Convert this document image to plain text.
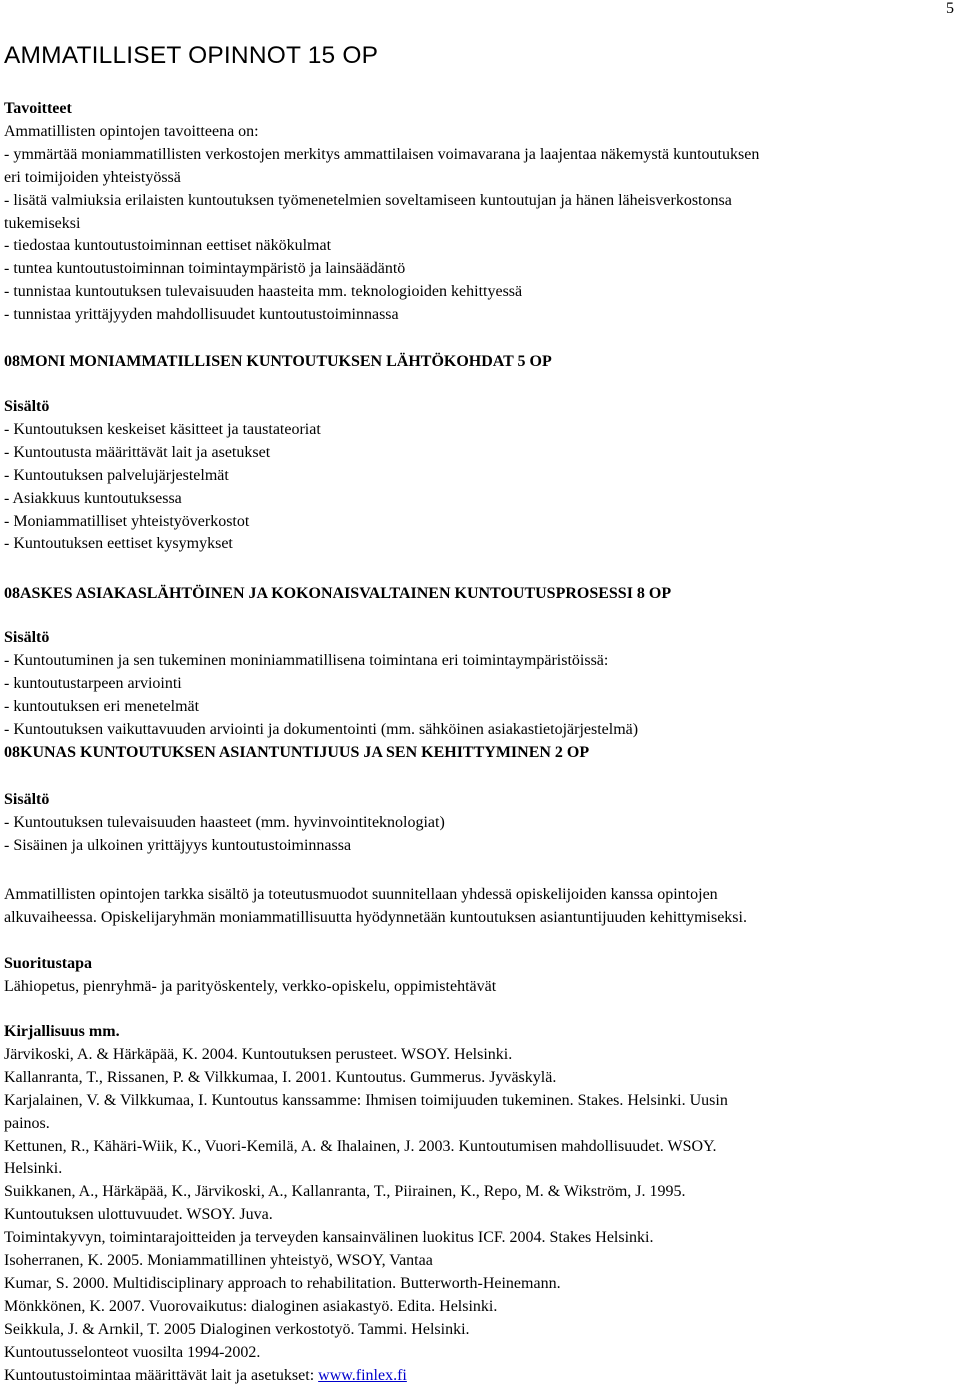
5
AMMATILLISET OPINNOT 15 OP
Tavoitteet
Ammatillisten opintojen tavoitteena on:
- ymmärtää moniammatillisten verkostojen merkitys ammattilaisen voimavarana ja laajentaa näkemystä kuntoutuksen
eri toimijoiden yhteistyössä
- lisätä valmiuksia erilaisten kuntoutuksen työmenetelmien soveltamiseen kuntoutujan ja hänen läheisverkostonsa
tukemiseksi
- tiedostaa kuntoutustoiminnan eettiset näkökulmat
- tuntea kuntoutustoiminnan toimintaympäristö ja lainsäädäntö
- tunnistaa kuntoutuksen tulevaisuuden haasteita mm. teknologioiden kehittyessä
- tunnistaa yrittäjyyden mahdollisuudet kuntoutustoiminnassa
08MONI MONIAMMATILLISEN KUNTOUTUKSEN LÄHTÖKOHDAT 5 OP
Sisältö
- Kuntoutuksen keskeiset käsitteet ja taustateoriat
- Kuntoutusta määrittävät lait ja asetukset
- Kuntoutuksen palvelujärjestelmät
- Asiakkuus kuntoutuksessa
- Moniammatilliset yhteistyöverkostot
- Kuntoutuksen eettiset kysymykset
08ASKES ASIAKASLÄHTÖINEN JA KOKONAISVALTAINEN KUNTOUTUSPROSESSI 8 OP
Sisältö
- Kuntoutuminen ja sen tukeminen moniniammatillisena toimintana eri toimintaympäristöissä:
- kuntoutustarpeen arviointi
- kuntoutuksen eri menetelmät
- Kuntoutuksen vaikuttavuuden arviointi ja dokumentointi (mm. sähköinen asiakastietojärjestelmä)
08KUNAS KUNTOUTUKSEN ASIANTUNTIJUUS JA SEN KEHITTYMINEN 2 OP
Sisältö
- Kuntoutuksen tulevaisuuden haasteet (mm. hyvinvointiteknologiat)
- Sisäinen ja ulkoinen yrittäjyys kuntoutustoiminnassa
Ammatillisten opintojen tarkka sisältö ja toteutusmuodot suunnitellaan yhdessä opiskelijoiden kanssa opintojen
alkuvaiheessa. Opiskelijaryhmän moniammatillisuutta hyödynnetään kuntoutuksen asiantuntijuuden kehittymiseksi.
Suoritustapa
Lähiopetus, pienryhmä- ja parityöskentely, verkko-opiskelu, oppimistehtävät
Kirjallisuus mm.
Järvikoski, A. & Härkäpää, K. 2004. Kuntoutuksen perusteet. WSOY. Helsinki.
Kallanranta, T., Rissanen, P. & Vilkkumaa, I. 2001. Kuntoutus. Gummerus. Jyväskylä.
Karjalainen, V. & Vilkkumaa, I. Kuntoutus kanssamme: Ihmisen toimijuuden tukeminen. Stakes. Helsinki. Uusin
painos.
Kettunen, R., Kähäri-Wiik, K., Vuori-Kemilä, A. & Ihalainen, J. 2003. Kuntoutumisen mahdollisuudet. WSOY.
Helsinki.
Suikkanen, A., Härkäpää, K., Järvikoski, A., Kallanranta, T., Piirainen, K., Repo, M. & Wikström, J. 1995.
Kuntoutuksen ulottuvuudet. WSOY. Juva.
Toimintakyvyn, toimintarajoitteiden ja terveyden kansainvälinen luokitus ICF. 2004. Stakes Helsinki.
Isoherranen, K. 2005. Moniammatillinen yhteistyö, WSOY, Vantaa
Kumar, S. 2000. Multidisciplinary approach to rehabilitation. Butterworth-Heinemann.
Mönkkönen, K. 2007. Vuorovaikutus: dialoginen asiakastyö. Edita. Helsinki.
Seikkula, J. & Arnkil, T. 2005 Dialoginen verkostotyö. Tammi. Helsinki.
Kuntoutusselonteot vuosilta 1994-2002.
Kuntoutustoimintaa määrittävät lait ja asetukset: www.finlex.fi
